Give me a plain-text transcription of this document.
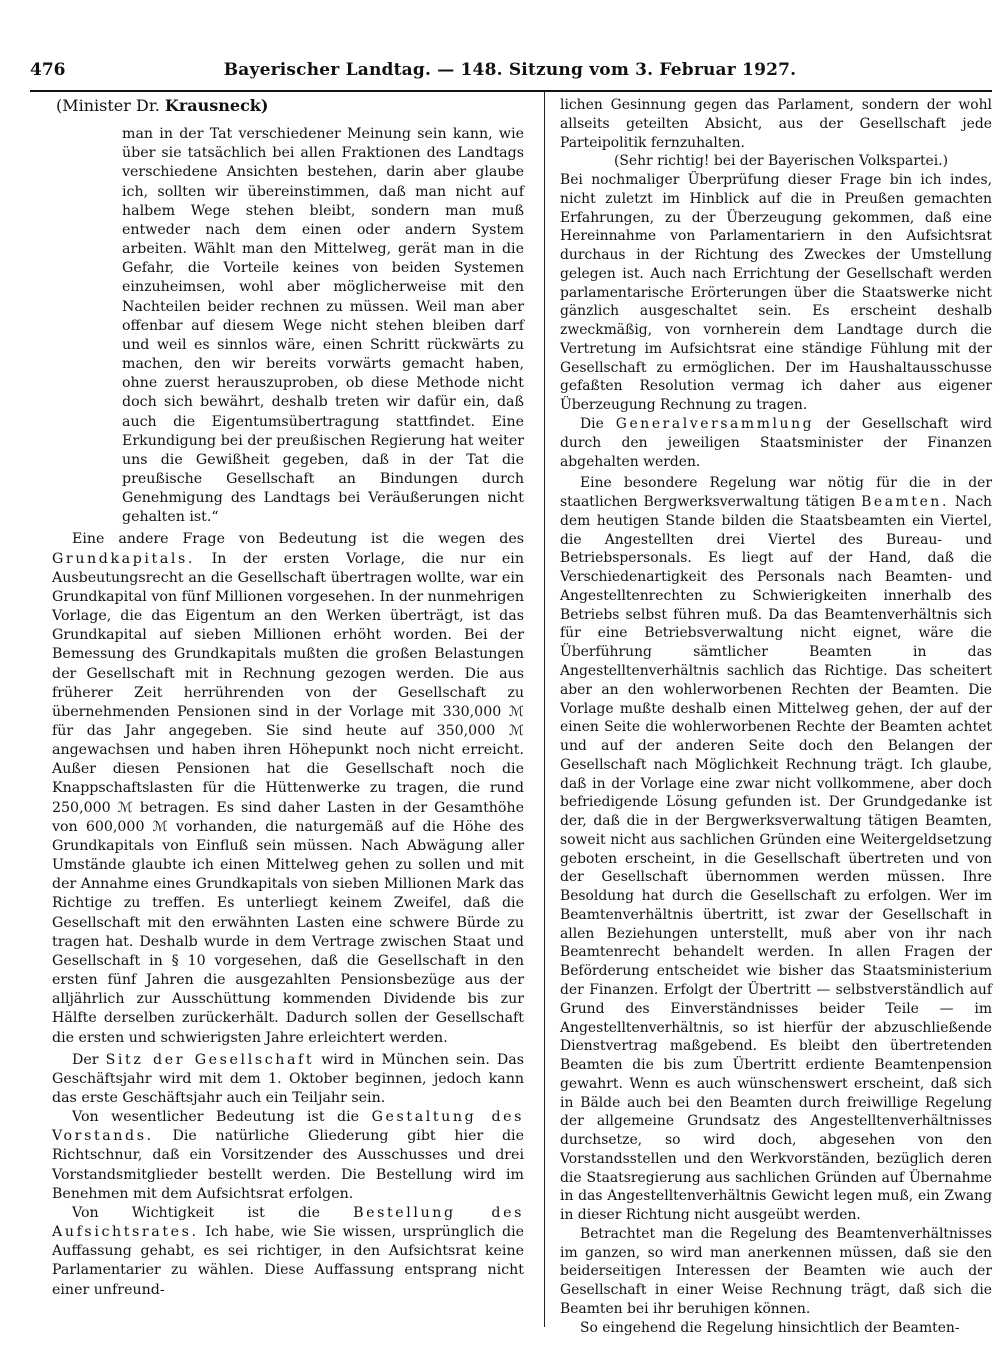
476	Bayerischer Landtag. — 148. Sitzung vom 3. Februar 1927.

(Minister Dr. Krausneck)

man in der Tat verschiedener Meinung sein kann, wie über sie tatsächlich bei allen Fraktionen des Landtags verschiedene Ansichten bestehen, darin aber glaube ich, sollten wir übereinstimmen, daß man nicht auf halbem Wege stehen bleibt, sondern man muß entweder nach dem einen oder andern System arbeiten. Wählt man den Mittelweg, gerät man in die Gefahr, die Vorteile keines von beiden Systemen einzuheimsen, wohl aber möglicherweise mit den Nachteilen beider rechnen zu müssen. Weil man aber offenbar auf diesem Wege nicht stehen bleiben darf und weil es sinnlos wäre, einen Schritt rückwärts zu machen, den wir bereits vorwärts gemacht haben, ohne zuerst herauszuproben, ob diese Methode nicht doch sich bewährt, deshalb treten wir dafür ein, daß auch die Eigentumsübertragung stattfindet. Eine Erkundigung bei der preußischen Regierung hat weiter uns die Gewißheit gegeben, daß in der Tat die preußische Gesellschaft an Bindungen durch Genehmigung des Landtags bei Veräußerungen nicht gehalten ist.“

Eine andere Frage von Bedeutung ist die wegen des Grundkapitals. In der ersten Vorlage, die nur ein Ausbeutungsrecht an die Gesellschaft übertragen wollte, war ein Grundkapital von fünf Millionen vorgesehen. In der nunmehrigen Vorlage, die das Eigentum an den Werken überträgt, ist das Grundkapital auf sieben Millionen erhöht worden. Bei der Bemessung des Grundkapitals mußten die großen Belastungen der Gesellschaft mit in Rechnung gezogen werden. Die aus früherer Zeit herrührenden von der Gesellschaft zu übernehmenden Pensionen sind in der Vorlage mit 330,000 ℳ für das Jahr angegeben. Sie sind heute auf 350,000 ℳ angewachsen und haben ihren Höhepunkt noch nicht erreicht. Außer diesen Pensionen hat die Gesellschaft noch die Knappschaftslasten für die Hüttenwerke zu tragen, die rund 250,000 ℳ betragen. Es sind daher Lasten in der Gesamthöhe von 600,000 ℳ vorhanden, die naturgemäß auf die Höhe des Grundkapitals von Einfluß sein müssen. Nach Abwägung aller Umstände glaubte ich einen Mittelweg gehen zu sollen und mit der Annahme eines Grundkapitals von sieben Millionen Mark das Richtige zu treffen. Es unterliegt keinem Zweifel, daß die Gesellschaft mit den erwähnten Lasten eine schwere Bürde zu tragen hat. Deshalb wurde in dem Vertrage zwischen Staat und Gesellschaft in § 10 vorgesehen, daß die Gesellschaft in den ersten fünf Jahren die ausgezahlten Pensionsbezüge aus der alljährlich zur Ausschüttung kommenden Dividende bis zur Hälfte derselben zurückerhält. Dadurch sollen der Gesellschaft die ersten und schwierigsten Jahre erleichtert werden.

Der Sitz der Gesellschaft wird in München sein. Das Geschäftsjahr wird mit dem 1. Oktober beginnen, jedoch kann das erste Geschäftsjahr auch ein Teiljahr sein.

Von wesentlicher Bedeutung ist die Gestaltung des Vorstands. Die natürliche Gliederung gibt hier die Richtschnur, daß ein Vorsitzender des Ausschusses und drei Vorstandsmitglieder bestellt werden. Die Bestellung wird im Benehmen mit dem Aufsichtsrat erfolgen.

Von Wichtigkeit ist die Bestellung des Aufsichtsrates. Ich habe, wie Sie wissen, ursprünglich die Auffassung gehabt, es sei richtiger, in den Aufsichtsrat keine Parlamentarier zu wählen. Diese Auffassung entsprang nicht einer unfreund-

lichen Gesinnung gegen das Parlament, sondern der wohl allseits geteilten Absicht, aus der Gesellschaft jede Parteipolitik fernzuhalten.

(Sehr richtig! bei der Bayerischen Volkspartei.)

Bei nochmaliger Überprüfung dieser Frage bin ich indes, nicht zuletzt im Hinblick auf die in Preußen gemachten Erfahrungen, zu der Überzeugung gekommen, daß eine Hereinnahme von Parlamentariern in den Aufsichtsrat durchaus in der Richtung des Zweckes der Umstellung gelegen ist. Auch nach Errichtung der Gesellschaft werden parlamentarische Erörterungen über die Staatswerke nicht gänzlich ausgeschaltet sein. Es erscheint deshalb zweckmäßig, von vornherein dem Landtage durch die Vertretung im Aufsichtsrat eine ständige Fühlung mit der Gesellschaft zu ermöglichen. Der im Haushaltausschusse gefaßten Resolution vermag ich daher aus eigener Überzeugung Rechnung zu tragen.

Die Generalversammlung der Gesellschaft wird durch den jeweiligen Staatsminister der Finanzen abgehalten werden.

Eine besondere Regelung war nötig für die in der staatlichen Bergwerksverwaltung tätigen Beamten. Nach dem heutigen Stande bilden die Staatsbeamten ein Viertel, die Angestellten drei Viertel des Bureau- und Betriebspersonals. Es liegt auf der Hand, daß die Verschiedenartigkeit des Personals nach Beamten- und Angestelltenrechten zu Schwierigkeiten innerhalb des Betriebs selbst führen muß. Da das Beamtenverhältnis sich für eine Betriebsverwaltung nicht eignet, wäre die Überführung sämtlicher Beamten in das Angestelltenverhältnis sachlich das Richtige. Das scheitert aber an den wohlerworbenen Rechten der Beamten. Die Vorlage mußte deshalb einen Mittelweg gehen, der auf der einen Seite die wohlerworbenen Rechte der Beamten achtet und auf der anderen Seite doch den Belangen der Gesellschaft nach Möglichkeit Rechnung trägt. Ich glaube, daß in der Vorlage eine zwar nicht vollkommene, aber doch befriedigende Lösung gefunden ist. Der Grundgedanke ist der, daß die in der Bergwerksverwaltung tätigen Beamten, soweit nicht aus sachlichen Gründen eine Weitergeldsetzung geboten erscheint, in die Gesellschaft übertreten und von der Gesellschaft übernommen werden müssen. Ihre Besoldung hat durch die Gesellschaft zu erfolgen. Wer im Beamtenverhältnis übertritt, ist zwar der Gesellschaft in allen Beziehungen unterstellt, muß aber von ihr nach Beamtenrecht behandelt werden. In allen Fragen der Beförderung entscheidet wie bisher das Staatsministerium der Finanzen. Erfolgt der Übertritt — selbstverständlich auf Grund des Einverständnisses beider Teile — im Angestelltenverhältnis, so ist hierfür der abzuschließende Dienstvertrag maßgebend. Es bleibt den übertretenden Beamten die bis zum Übertritt erdiente Beamtenpension gewahrt. Wenn es auch wünschenswert erscheint, daß sich in Bälde auch bei den Beamten durch freiwillige Regelung der allgemeine Grundsatz des Angestelltenverhältnisses durchsetze, so wird doch, abgesehen von den Vorstandsstellen und den Werkvorständen, bezüglich deren die Staatsregierung aus sachlichen Gründen auf Übernahme in das Angestelltenverhältnis Gewicht legen muß, ein Zwang in dieser Richtung nicht ausgeübt werden.

Betrachtet man die Regelung des Beamtenverhältnisses im ganzen, so wird man anerkennen müssen, daß sie den beiderseitigen Interessen der Beamten wie auch der Gesellschaft in einer Weise Rechnung trägt, daß sich die Beamten bei ihr beruhigen können.

So eingehend die Regelung hinsichtlich der Beamten-
